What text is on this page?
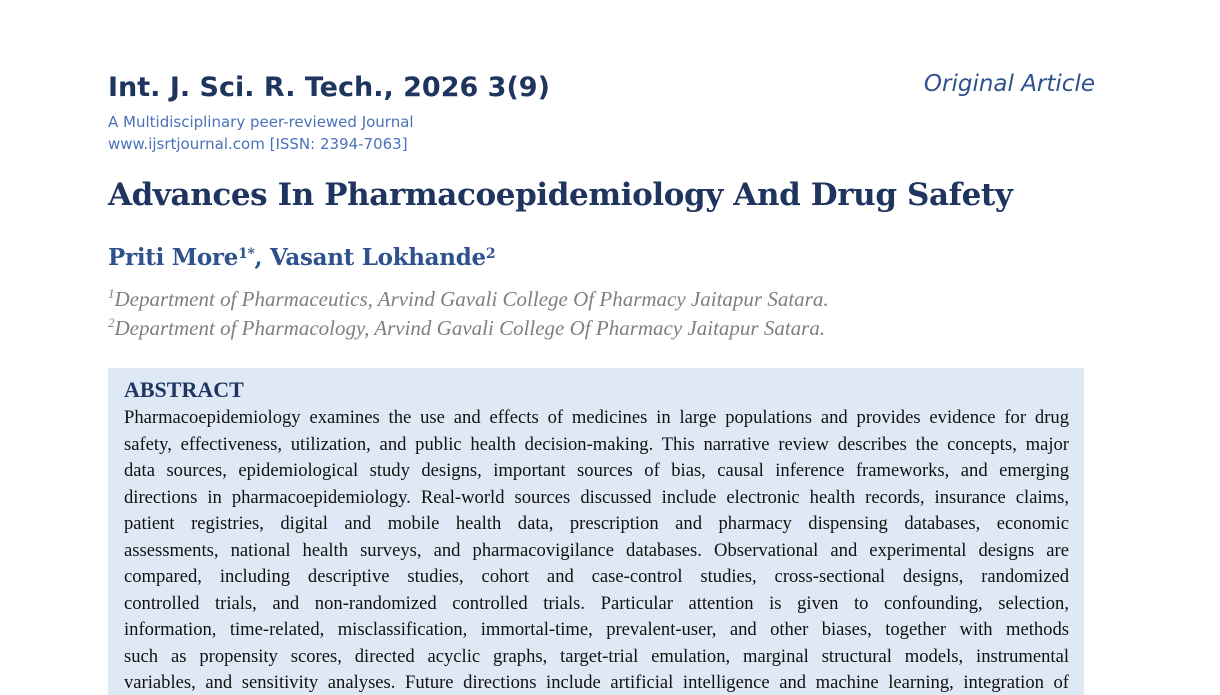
Int. J. Sci. R. Tech., 2026 3(9)	Original Article
A Multidisciplinary peer-reviewed Journal
www.ijsrtjournal.com [ISSN: 2394-7063]
Advances In Pharmacoepidemiology And Drug Safety
Priti More$^{1*}$, Vasant Lokhande$^2$
$^1$Department of Pharmaceutics, Arvind Gavali College Of Pharmacy Jaitapur Satara.
$^2$Department of Pharmacology, Arvind Gavali College Of Pharmacy Jaitapur Satara.
ABSTRACT
Pharmacoepidemiology examines the use and effects of medicines in large populations and provides evidence for drug
safety, effectiveness, utilization, and public health decision-making. This narrative review describes the concepts, major
data sources, epidemiological study designs, important sources of bias, causal inference frameworks, and emerging
directions in pharmacoepidemiology. Real-world sources discussed include electronic health records, insurance claims,
patient registries, digital and mobile health data, prescription and pharmacy dispensing databases, economic
assessments, national health surveys, and pharmacovigilance databases. Observational and experimental designs are
compared, including descriptive studies, cohort and case-control studies, cross-sectional designs, randomized
controlled trials, and non-randomized controlled trials. Particular attention is given to confounding, selection,
information, time-related, misclassification, immortal-time, prevalent-user, and other biases, together with methods
such as propensity scores, directed acyclic graphs, target-trial emulation, marginal structural models, instrumental
variables, and sensitivity analyses. Future directions include artificial intelligence and machine learning, integration of
